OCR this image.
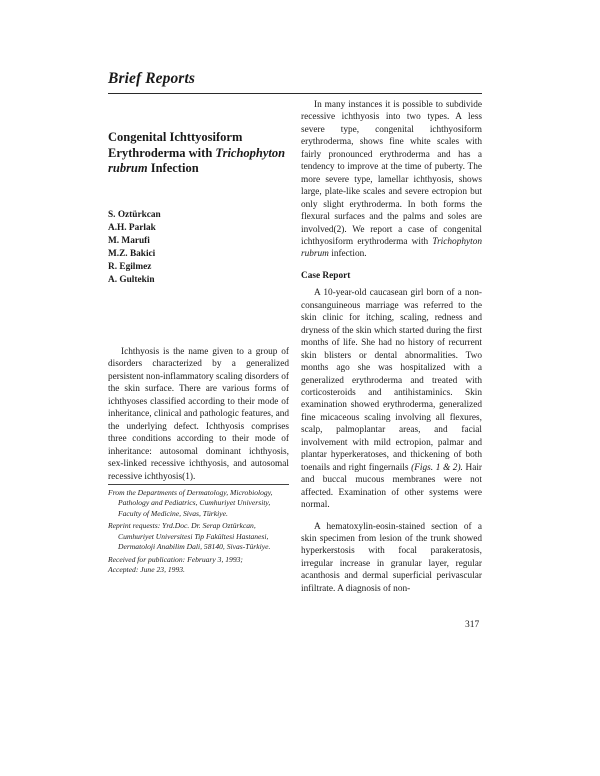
Brief Reports
Congenital Ichttyosiform Erythroderma with Trichophyton rubrum Infection
S. Oztürkcan
A.H. Parlak
M. Marufi
M.Z. Bakici
R. Egilmez
A. Gultekin

Ichthyosis is the name given to a group of disorders characterized by a generalized persistent non-inflammatory scaling disorders of the skin surface. There are various forms of ichthyoses classified according to their mode of inheritance, clinical and pathologic features, and the underlying defect. Ichthyosis comprises three conditions according to their mode of inheritance: autosomal dominant ichthyosis, sex-linked recessive ichthyosis, and autosomal recessive ichthyosis(1).

From the Departments of Dermatology, Microbiology, Pathology and Pediatrics, Cumhuriyet University, Faculty of Medicine, Sivas, Türkiye.

Reprint requests: Yrd.Doc. Dr. Serap Oztürkcan, Cumhuriyet Universitesi Tip Fakültesi Hastanesi, Dermatoloji Anabilim Dali, 58140, Sivas-Türkiye.

Received for publication: February 3, 1993;

Accepted: June 23, 1993.

In many instances it is possible to subdivide recessive ichthyosis into two types. A less severe type, congenital ichthyosiform erythroderma, shows fine white scales with fairly pronounced erythroderma and has a tendency to improve at the time of puberty. The more severe type, lamellar ichthyosis, shows large, plate-like scales and severe ectropion but only slight erythroderma. In both forms the flexural surfaces and the palms and soles are involved(2). We report a case of congenital ichthyosiform erythroderma with Trichophyton rubrum infection.

Case Report

A 10-year-old caucasean girl born of a non-consanguineous marriage was referred to the skin clinic for itching, scaling, redness and dryness of the skin which started during the first months of life. She had no history of recurrent skin blisters or dental abnormalities. Two months ago she was hospitalized with a generalized erythroderma and treated with corticosteroids and antihistaminics. Skin examination showed erythroderma, generalized fine micaceous scaling involving all flexures, scalp, palmoplantar areas, and facial involvement with mild ectropion, palmar and plantar hyperkeratoses, and thickening of both toenails and right fingernails (Figs. 1 & 2). Hair and buccal mucous membranes were not affected. Examination of other systems were normal.

A hematoxylin-eosin-stained section of a skin specimen from lesion of the trunk showed hyperkerstosis with focal parakeratosis, irregular increase in granular layer, regular acanthosis and dermal superficial perivascular infiltrate. A diagnosis of non-

317
